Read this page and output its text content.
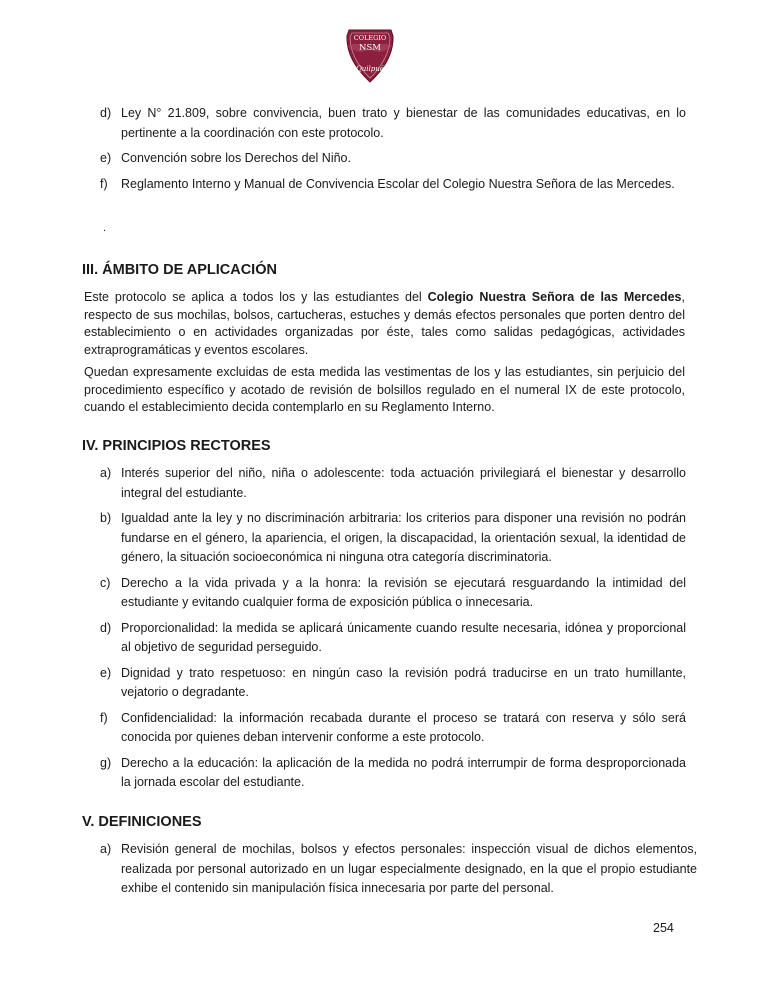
COLEGIO
NSM
Quilpué
d) Ley N° 21.809, sobre convivencia, buen trato y bienestar de las comunidades educativas, en lo pertinente a la coordinación con este protocolo.
e) Convención sobre los Derechos del Niño.
f) Reglamento Interno y Manual de Convivencia Escolar del Colegio Nuestra Señora de las Mercedes.
.
III. ÁMBITO DE APLICACIÓN

Este protocolo se aplica a todos los y las estudiantes del Colegio Nuestra Señora de las Mercedes, respecto de sus mochilas, bolsos, cartucheras, estuches y demás efectos personales que porten dentro del establecimiento o en actividades organizadas por éste, tales como salidas pedagógicas, actividades extraprogramáticas y eventos escolares.

Quedan expresamente excluidas de esta medida las vestimentas de los y las estudiantes, sin perjuicio del procedimiento específico y acotado de revisión de bolsillos regulado en el numeral IX de este protocolo, cuando el establecimiento decida contemplarlo en su Reglamento Interno.

IV. PRINCIPIOS RECTORES
a) Interés superior del niño, niña o adolescente: toda actuación privilegiará el bienestar y desarrollo integral del estudiante.
b) Igualdad ante la ley y no discriminación arbitraria: los criterios para disponer una revisión no podrán fundarse en el género, la apariencia, el origen, la discapacidad, la orientación sexual, la identidad de género, la situación socioeconómica ni ninguna otra categoría discriminatoria.
c) Derecho a la vida privada y a la honra: la revisión se ejecutará resguardando la intimidad del estudiante y evitando cualquier forma de exposición pública o innecesaria.
d) Proporcionalidad: la medida se aplicará únicamente cuando resulte necesaria, idónea y proporcional al objetivo de seguridad perseguido.
e) Dignidad y trato respetuoso: en ningún caso la revisión podrá traducirse en un trato humillante, vejatorio o degradante.
f) Confidencialidad: la información recabada durante el proceso se tratará con reserva y sólo será conocida por quienes deban intervenir conforme a este protocolo.
g) Derecho a la educación: la aplicación de la medida no podrá interrumpir de forma desproporcionada la jornada escolar del estudiante.
V. DEFINICIONES
a) Revisión general de mochilas, bolsos y efectos personales: inspección visual de dichos elementos, realizada por personal autorizado en un lugar especialmente designado, en la que el propio estudiante exhibe el contenido sin manipulación física innecesaria por parte del personal.
254
